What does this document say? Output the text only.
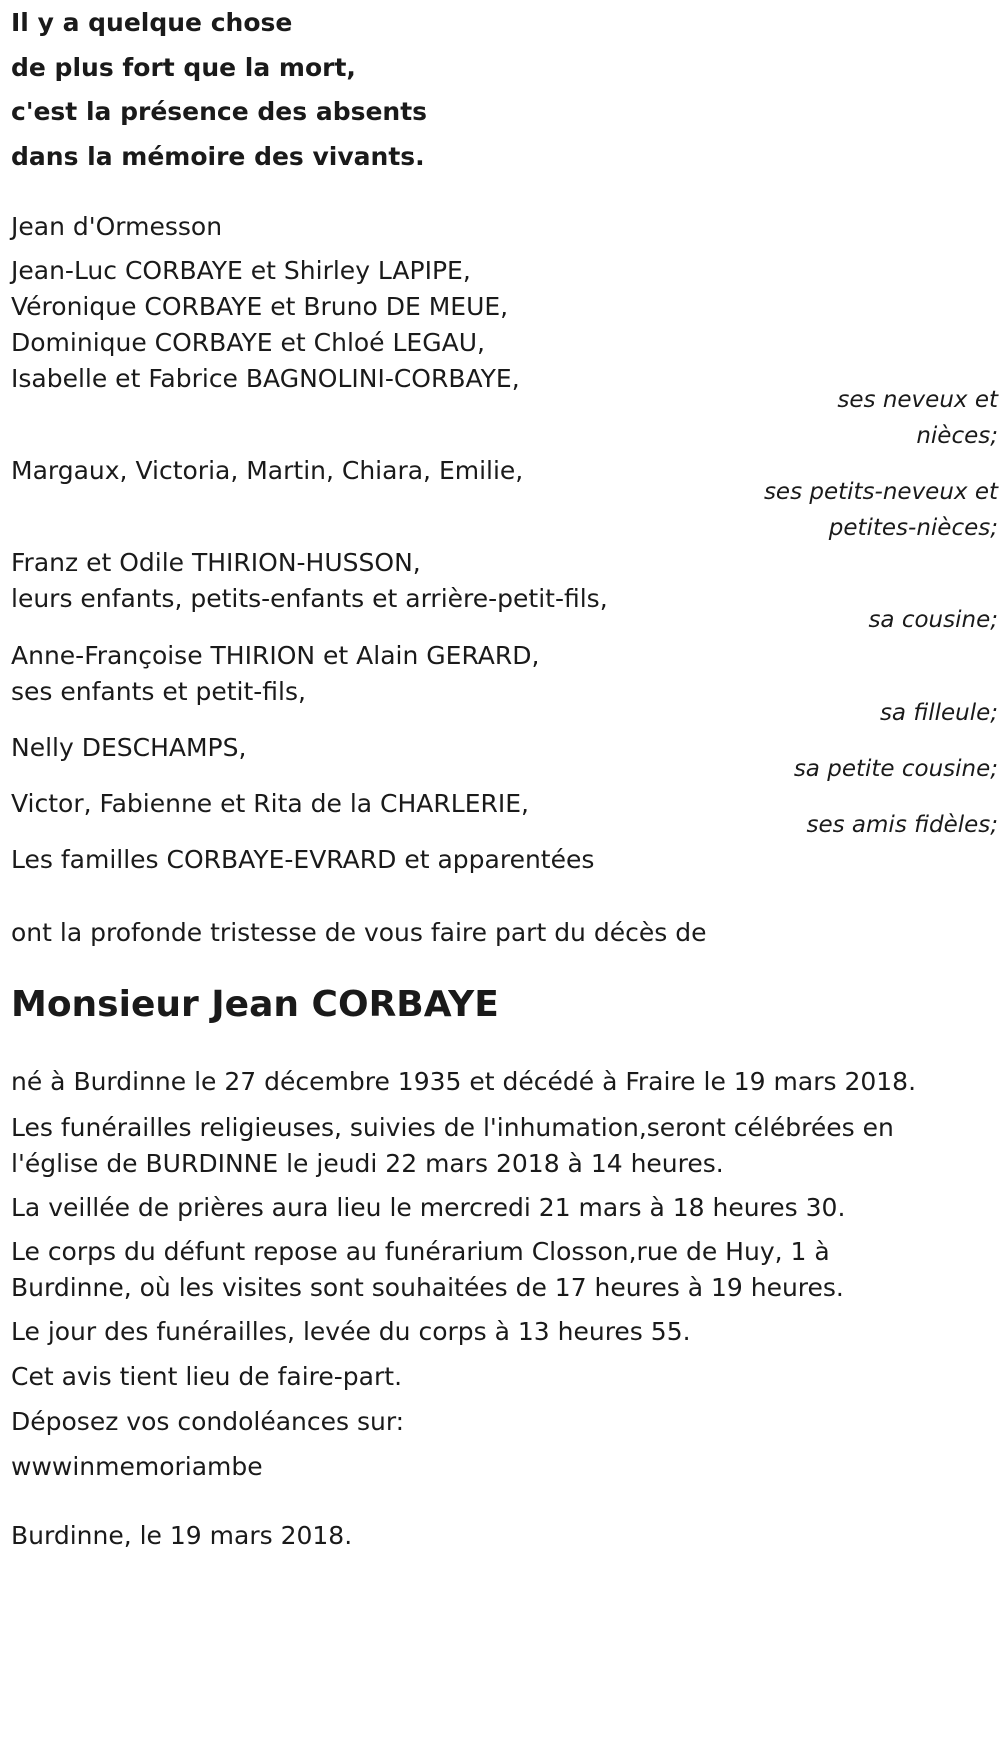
Il y a quelque chose
de plus fort que la mort,
c'est la présence des absents
dans la mémoire des vivants.
Jean d'Ormesson
Jean-Luc CORBAYE et Shirley LAPIPE,
Véronique CORBAYE et Bruno DE MEUE,
Dominique CORBAYE et Chloé LEGAU,
Isabelle et Fabrice BAGNOLINI-CORBAYE,
ses neveux et
nièces;
Margaux, Victoria, Martin, Chiara, Emilie,
ses petits-neveux et
petites-nièces;
Franz et Odile THIRION-HUSSON,
leurs enfants, petits-enfants et arrière-petit-fils,
sa cousine;
Anne-Françoise THIRION et Alain GERARD,
ses enfants et petit-fils,
sa filleule;
Nelly DESCHAMPS,
sa petite cousine;
Victor, Fabienne et Rita de la CHARLERIE,
ses amis fidèles;
Les familles CORBAYE-EVRARD et apparentées
ont la profonde tristesse de vous faire part du décès de
Monsieur Jean CORBAYE
né à Burdinne le 27 décembre 1935 et décédé à Fraire le 19 mars 2018.
Les funérailles religieuses, suivies de l'inhumation,seront célébrées en
l'église de BURDINNE le jeudi 22 mars 2018 à 14 heures.
La veillée de prières aura lieu le mercredi 21 mars à 18 heures 30.
Le corps du défunt repose au funérarium Closson,rue de Huy, 1 à
Burdinne, où les visites sont souhaitées de 17 heures à 19 heures.
Le jour des funérailles, levée du corps à 13 heures 55.
Cet avis tient lieu de faire-part.
Déposez vos condoléances sur:
wwwinmemoriambe
Burdinne, le 19 mars 2018.
